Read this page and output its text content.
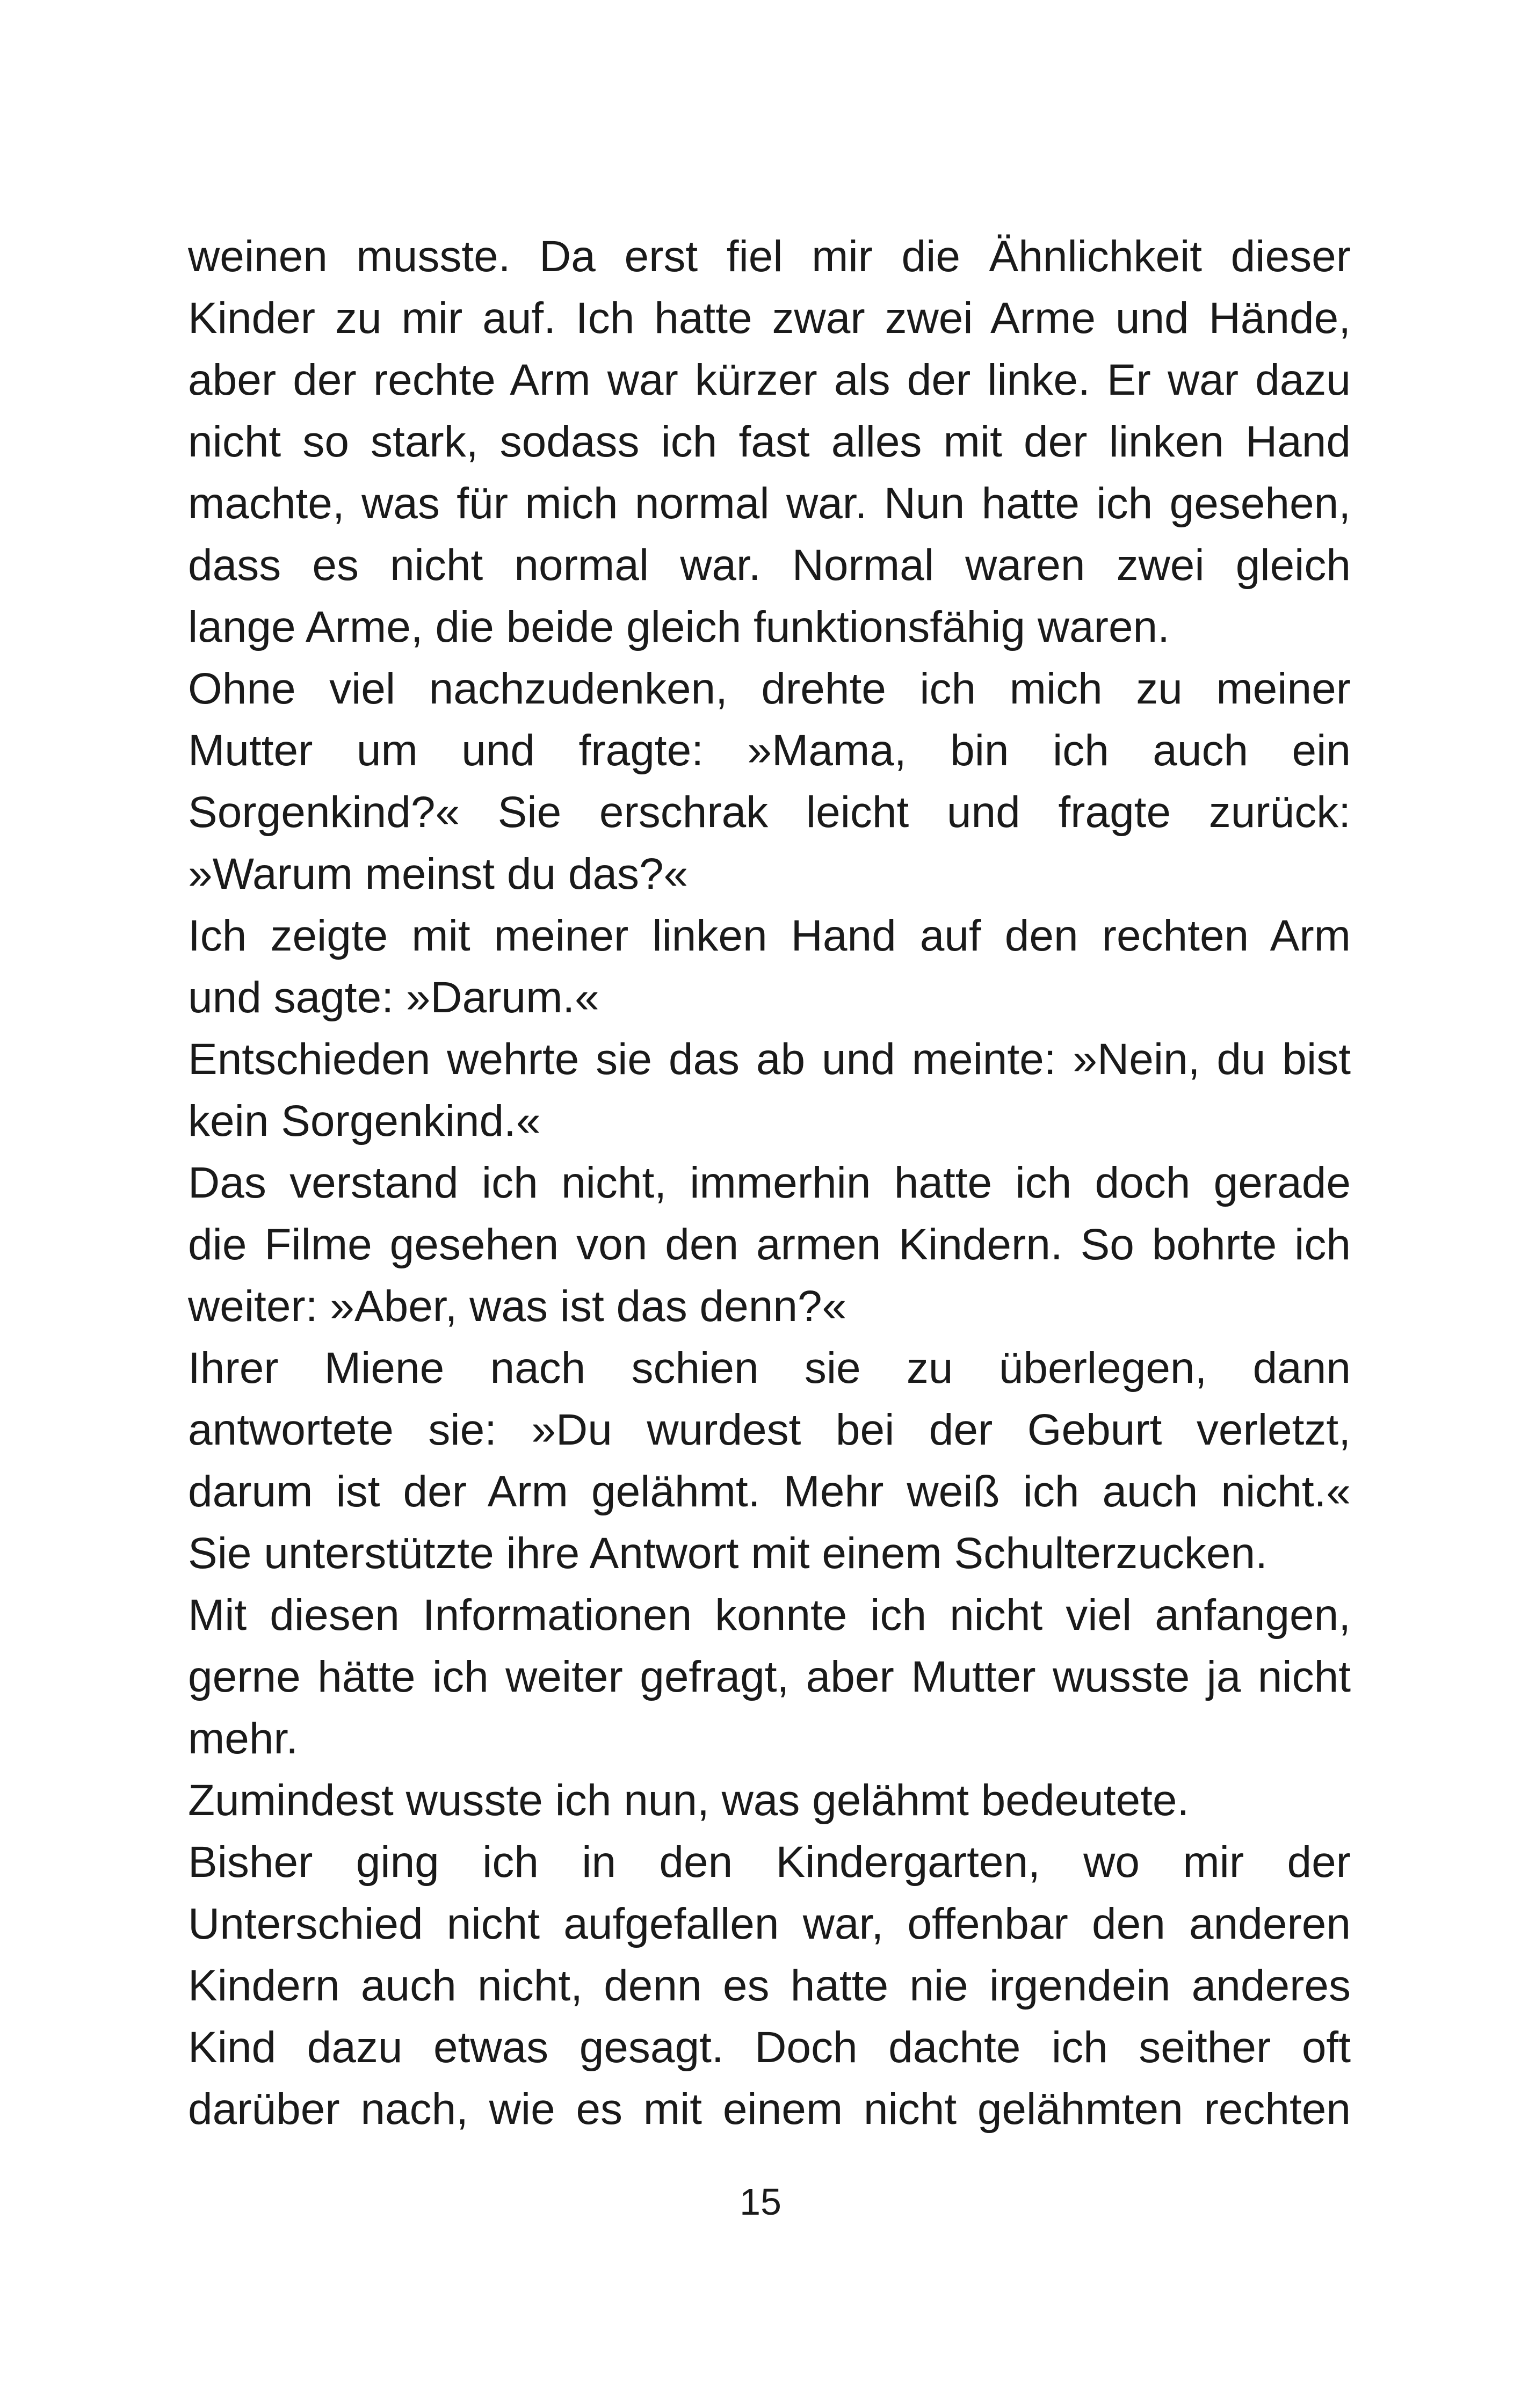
weinen musste. Da erst fiel mir die Ähnlichkeit dieser
Kinder zu mir auf. Ich hatte zwar zwei Arme und Hände,
aber der rechte Arm war kürzer als der linke. Er war dazu
nicht so stark, sodass ich fast alles mit der linken Hand
machte, was für mich normal war. Nun hatte ich gesehen,
dass es nicht normal war. Normal waren zwei gleich
lange Arme, die beide gleich funktionsfähig waren.
Ohne viel nachzudenken, drehte ich mich zu meiner
Mutter um und fragte: »Mama, bin ich auch ein
Sorgenkind?« Sie erschrak leicht und fragte zurück:
»Warum meinst du das?«
Ich zeigte mit meiner linken Hand auf den rechten Arm
und sagte: »Darum.«
Entschieden wehrte sie das ab und meinte: »Nein, du bist
kein Sorgenkind.«
Das verstand ich nicht, immerhin hatte ich doch gerade
die Filme gesehen von den armen Kindern. So bohrte ich
weiter: »Aber, was ist das denn?«
Ihrer Miene nach schien sie zu überlegen, dann
antwortete sie: »Du wurdest bei der Geburt verletzt,
darum ist der Arm gelähmt. Mehr weiß ich auch nicht.«
Sie unterstützte ihre Antwort mit einem Schulterzucken.
Mit diesen Informationen konnte ich nicht viel anfangen,
gerne hätte ich weiter gefragt, aber Mutter wusste ja nicht
mehr.
Zumindest wusste ich nun, was gelähmt bedeutete.
Bisher ging ich in den Kindergarten, wo mir der
Unterschied nicht aufgefallen war, offenbar den anderen
Kindern auch nicht, denn es hatte nie irgendein anderes
Kind dazu etwas gesagt. Doch dachte ich seither oft
darüber nach, wie es mit einem nicht gelähmten rechten
15
